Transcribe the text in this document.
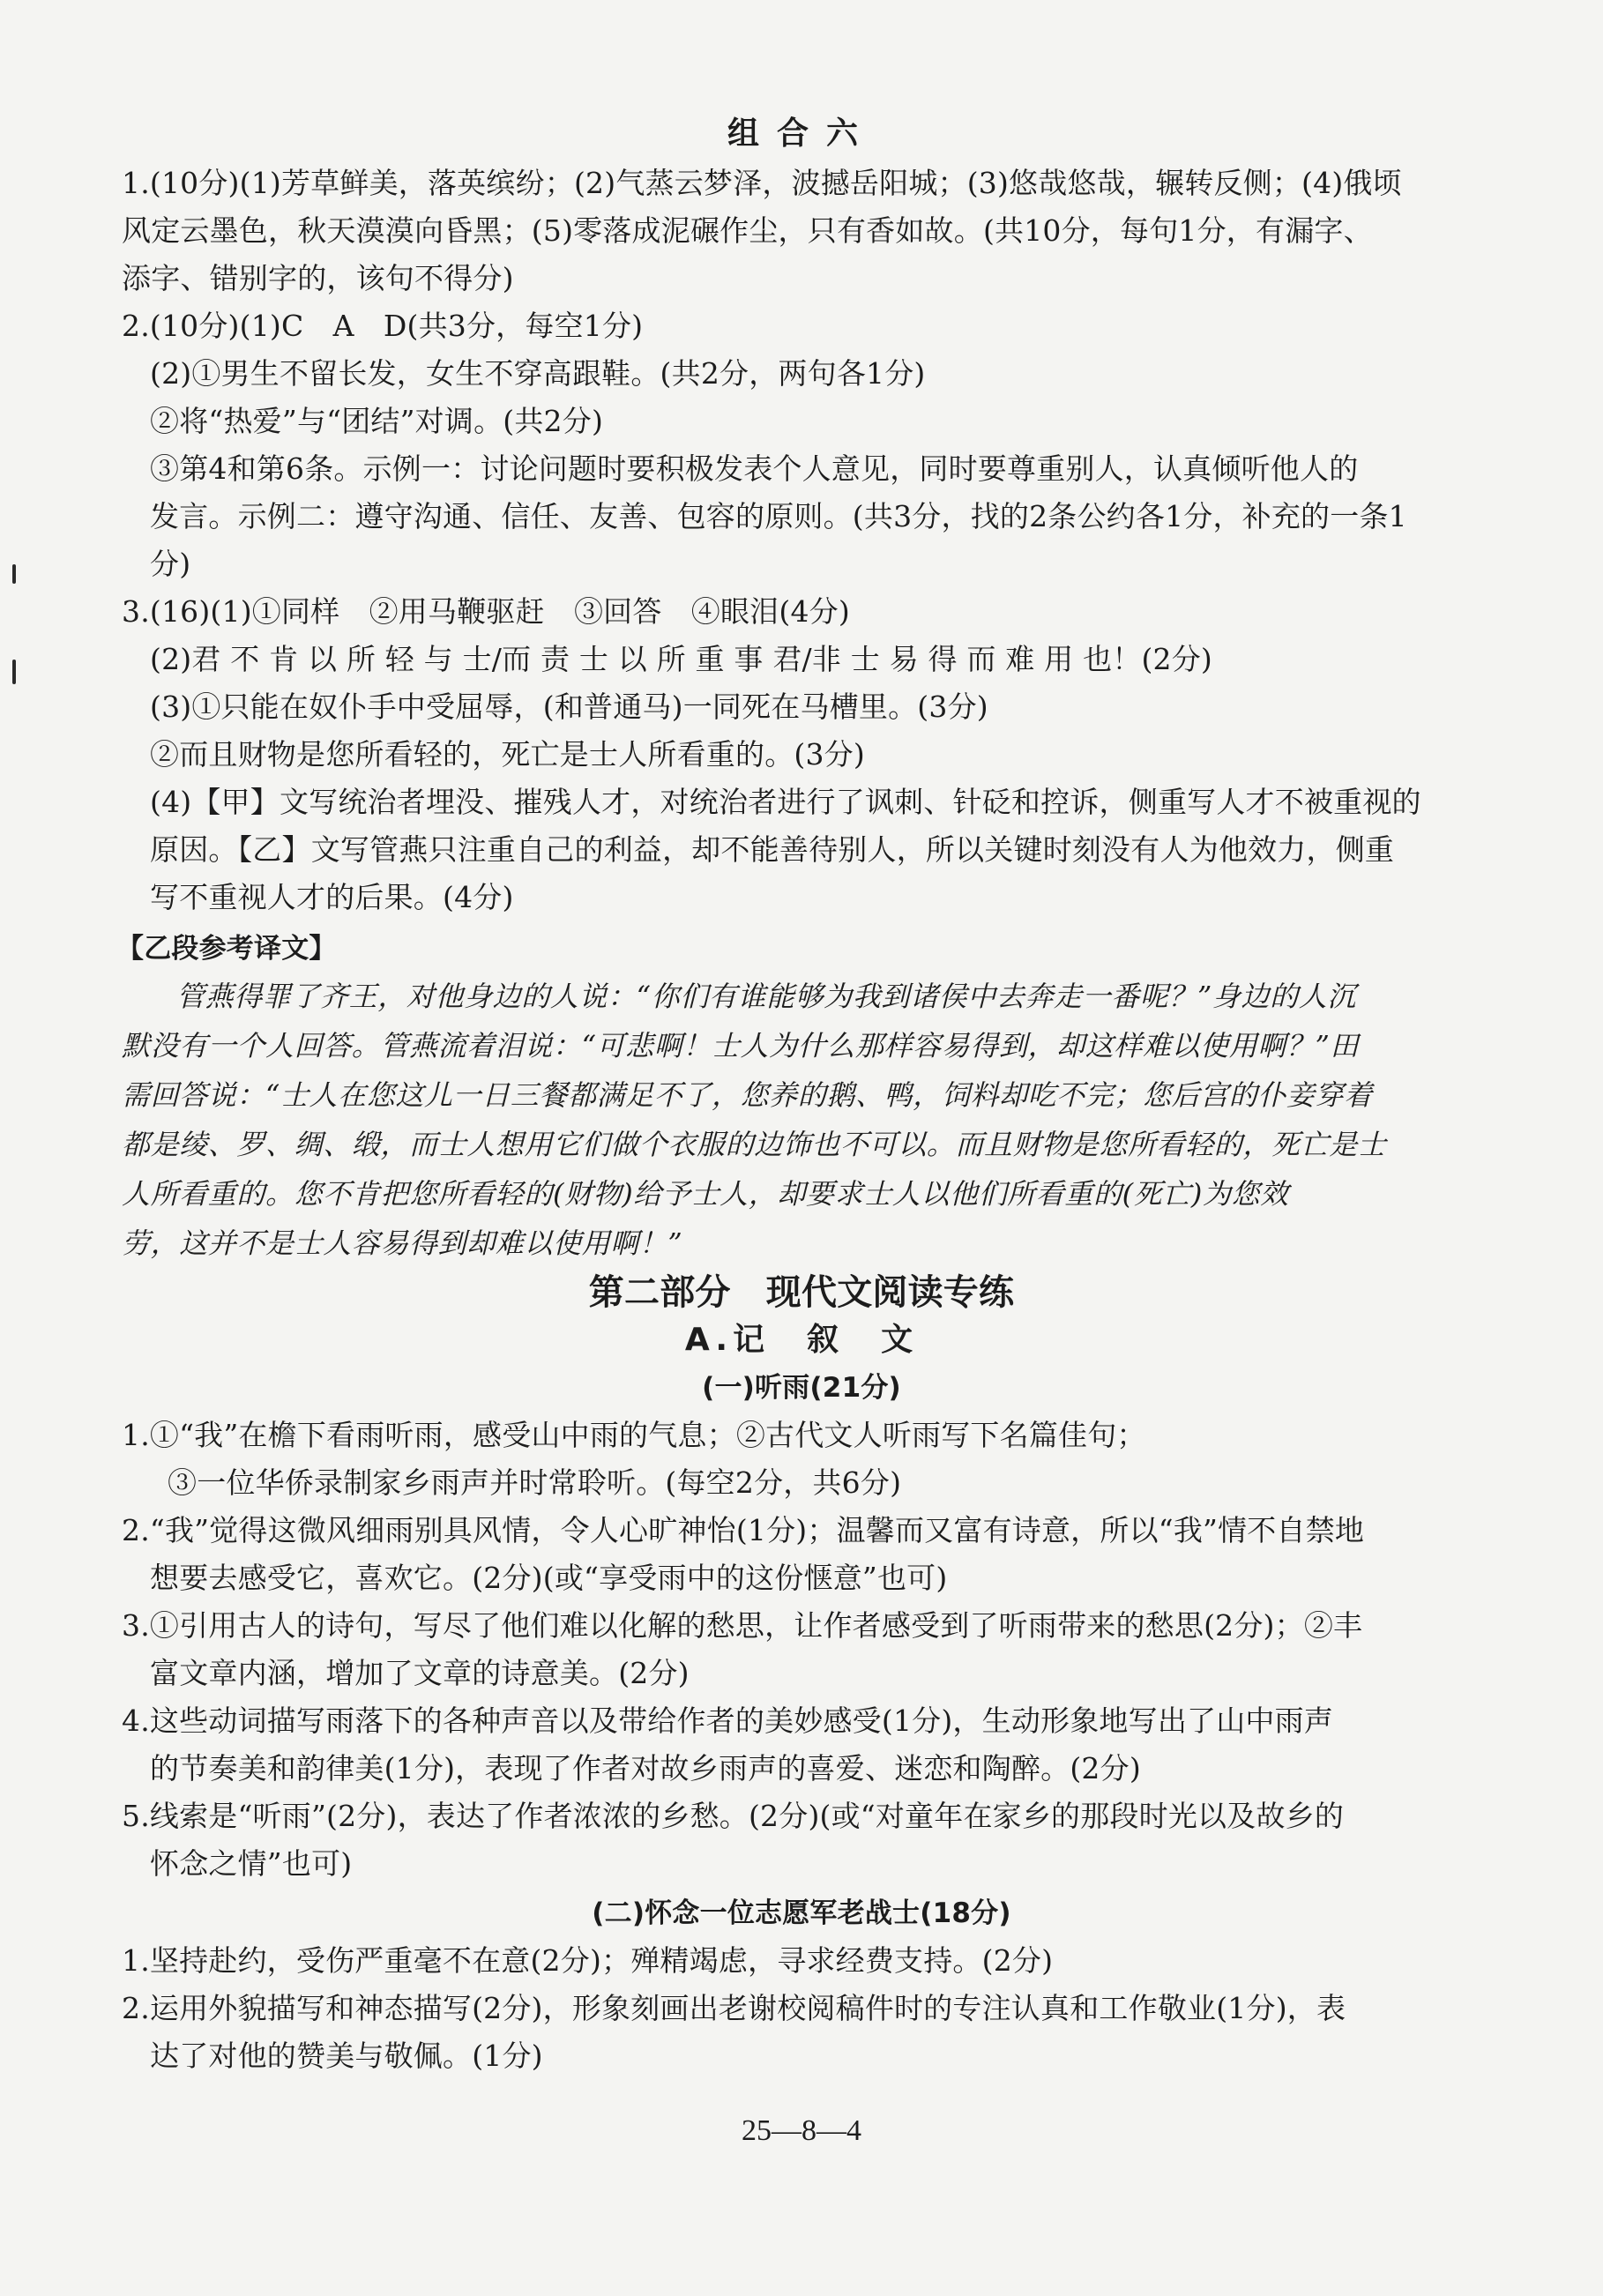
组合六
1.(10分)(1)芳草鲜美，落英缤纷；(2)气蒸云梦泽，波撼岳阳城；(3)悠哉悠哉，辗转反侧；(4)俄顷
风定云墨色，秋天漠漠向昏黑；(5)零落成泥碾作尘，只有香如故。(共10分，每句1分，有漏字、
添字、错别字的，该句不得分)
2.(10分)(1)C　A　D(共3分，每空1分)
(2)①男生不留长发，女生不穿高跟鞋。(共2分，两句各1分)
②将“热爱”与“团结”对调。(共2分)
③第4和第6条。示例一：讨论问题时要积极发表个人意见，同时要尊重别人，认真倾听他人的
发言。示例二：遵守沟通、信任、友善、包容的原则。(共3分，找的2条公约各1分，补充的一条1
分)
3.(16)(1)①同样　②用马鞭驱赶　③回答　④眼泪(4分)
(2)君 不 肯 以 所 轻 与 士/而 责 士 以 所 重 事 君/非 士 易 得 而 难 用 也！(2分)
(3)①只能在奴仆手中受屈辱，(和普通马)一同死在马槽里。(3分)
②而且财物是您所看轻的，死亡是士人所看重的。(3分)
(4)【甲】文写统治者埋没、摧残人才，对统治者进行了讽刺、针砭和控诉，侧重写人才不被重视的
原因。【乙】文写管燕只注重自己的利益，却不能善待别人，所以关键时刻没有人为他效力，侧重
写不重视人才的后果。(4分)
【乙段参考译文】
管燕得罪了齐王，对他身边的人说：“你们有谁能够为我到诸侯中去奔走一番呢？”身边的人沉
默没有一个人回答。管燕流着泪说：“可悲啊！士人为什么那样容易得到，却这样难以使用啊？”田
需回答说：“士人在您这儿一日三餐都满足不了，您养的鹅、鸭，饲料却吃不完；您后宫的仆妾穿着
都是绫、罗、绸、缎，而士人想用它们做个衣服的边饰也不可以。而且财物是您所看轻的，死亡是士
人所看重的。您不肯把您所看轻的(财物)给予士人，却要求士人以他们所看重的(死亡)为您效
劳，这并不是士人容易得到却难以使用啊！”
第二部分　现代文阅读专练
A.记　叙　文
(一)听雨(21分)
1.①“我”在檐下看雨听雨，感受山中雨的气息；②古代文人听雨写下名篇佳句；
③一位华侨录制家乡雨声并时常聆听。(每空2分，共6分)
2.“我”觉得这微风细雨别具风情，令人心旷神怡(1分)；温馨而又富有诗意，所以“我”情不自禁地
想要去感受它，喜欢它。(2分)(或“享受雨中的这份惬意”也可)
3.①引用古人的诗句，写尽了他们难以化解的愁思，让作者感受到了听雨带来的愁思(2分)；②丰
富文章内涵，增加了文章的诗意美。(2分)
4.这些动词描写雨落下的各种声音以及带给作者的美妙感受(1分)，生动形象地写出了山中雨声
的节奏美和韵律美(1分)，表现了作者对故乡雨声的喜爱、迷恋和陶醉。(2分)
5.线索是“听雨”(2分)，表达了作者浓浓的乡愁。(2分)(或“对童年在家乡的那段时光以及故乡的
怀念之情”也可)
(二)怀念一位志愿军老战士(18分)
1.坚持赴约，受伤严重毫不在意(2分)；殚精竭虑，寻求经费支持。(2分)
2.运用外貌描写和神态描写(2分)，形象刻画出老谢校阅稿件时的专注认真和工作敬业(1分)，表
达了对他的赞美与敬佩。(1分)
25—8—4
